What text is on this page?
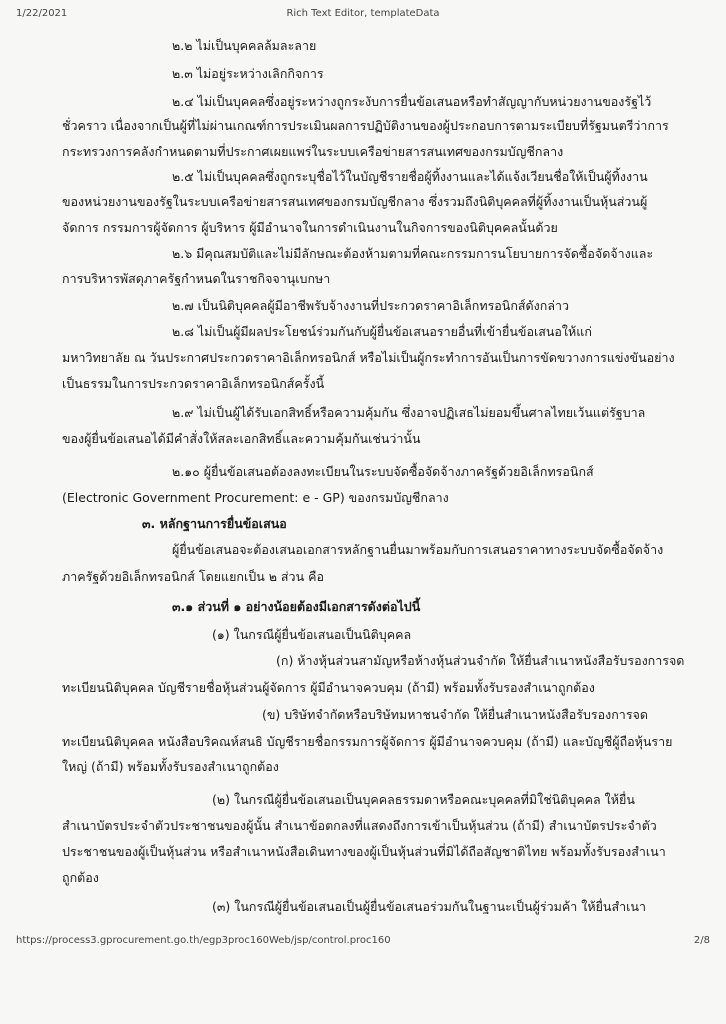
1/22/2021	Rich Text Editor, templateData
๒.๒ ไม่เป็นบุคคลล้มละลาย
๒.๓ ไม่อยู่ระหว่างเลิกกิจการ
๒.๔ ไม่เป็นบุคคลซึ่งอยู่ระหว่างถูกระงับการยื่นข้อเสนอหรือทำสัญญากับหน่วยงานของรัฐไว้
ชั่วคราว เนื่องจากเป็นผู้ที่ไม่ผ่านเกณฑ์การประเมินผลการปฏิบัติงานของผู้ประกอบการตามระเบียบที่รัฐมนตรีว่าการ
กระทรวงการคลังกำหนดตามที่ประกาศเผยแพร่ในระบบเครือข่ายสารสนเทศของกรมบัญชีกลาง
๒.๕ ไม่เป็นบุคคลซึ่งถูกระบุชื่อไว้ในบัญชีรายชื่อผู้ทิ้งงานและได้แจ้งเวียนชื่อให้เป็นผู้ทิ้งงาน
ของหน่วยงานของรัฐในระบบเครือข่ายสารสนเทศของกรมบัญชีกลาง ซึ่งรวมถึงนิติบุคคลที่ผู้ทิ้งงานเป็นหุ้นส่วนผู้
จัดการ กรรมการผู้จัดการ ผู้บริหาร ผู้มีอำนาจในการดำเนินงานในกิจการของนิติบุคคลนั้นด้วย
๒.๖ มีคุณสมบัติและไม่มีลักษณะต้องห้ามตามที่คณะกรรมการนโยบายการจัดซื้อจัดจ้างและ
การบริหารพัสดุภาครัฐกำหนดในราชกิจจานุเบกษา
๒.๗ เป็นนิติบุคคลผู้มีอาชีพรับจ้างงานที่ประกวดราคาอิเล็กทรอนิกส์ดังกล่าว
๒.๘ ไม่เป็นผู้มีผลประโยชน์ร่วมกันกับผู้ยื่นข้อเสนอรายอื่นที่เข้ายื่นข้อเสนอให้แก่
มหาวิทยาลัย ณ วันประกาศประกวดราคาอิเล็กทรอนิกส์ หรือไม่เป็นผู้กระทำการอันเป็นการขัดขวางการแข่งขันอย่าง
เป็นธรรมในการประกวดราคาอิเล็กทรอนิกส์ครั้งนี้
๒.๙ ไม่เป็นผู้ได้รับเอกสิทธิ์หรือความคุ้มกัน ซึ่งอาจปฏิเสธไม่ยอมขึ้นศาลไทยเว้นแต่รัฐบาล
ของผู้ยื่นข้อเสนอได้มีคำสั่งให้สละเอกสิทธิ์และความคุ้มกันเช่นว่านั้น
๒.๑๐ ผู้ยื่นข้อเสนอต้องลงทะเบียนในระบบจัดซื้อจัดจ้างภาครัฐด้วยอิเล็กทรอนิกส์
(Electronic Government Procurement: e - GP) ของกรมบัญชีกลาง
๓. หลักฐานการยื่นข้อเสนอ
ผู้ยื่นข้อเสนอจะต้องเสนอเอกสารหลักฐานยื่นมาพร้อมกับการเสนอราคาทางระบบจัดซื้อจัดจ้าง
ภาครัฐด้วยอิเล็กทรอนิกส์ โดยแยกเป็น ๒ ส่วน คือ
๓.๑ ส่วนที่ ๑ อย่างน้อยต้องมีเอกสารดังต่อไปนี้
(๑) ในกรณีผู้ยื่นข้อเสนอเป็นนิติบุคคล
(ก) ห้างหุ้นส่วนสามัญหรือห้างหุ้นส่วนจำกัด ให้ยื่นสำเนาหนังสือรับรองการจด
ทะเบียนนิติบุคคล บัญชีรายชื่อหุ้นส่วนผู้จัดการ ผู้มีอำนาจควบคุม (ถ้ามี) พร้อมทั้งรับรองสำเนาถูกต้อง
(ข) บริษัทจำกัดหรือบริษัทมหาชนจำกัด ให้ยื่นสำเนาหนังสือรับรองการจด
ทะเบียนนิติบุคคล หนังสือบริคณห์สนธิ บัญชีรายชื่อกรรมการผู้จัดการ ผู้มีอำนาจควบคุม (ถ้ามี) และบัญชีผู้ถือหุ้นราย
ใหญ่ (ถ้ามี) พร้อมทั้งรับรองสำเนาถูกต้อง
(๒) ในกรณีผู้ยื่นข้อเสนอเป็นบุคคลธรรมดาหรือคณะบุคคลที่มิใช่นิติบุคคล ให้ยื่น
สำเนาบัตรประจำตัวประชาชนของผู้นั้น สำเนาข้อตกลงที่แสดงถึงการเข้าเป็นหุ้นส่วน (ถ้ามี) สำเนาบัตรประจำตัว
ประชาชนของผู้เป็นหุ้นส่วน หรือสำเนาหนังสือเดินทางของผู้เป็นหุ้นส่วนที่มิได้ถือสัญชาติไทย พร้อมทั้งรับรองสำเนา
ถูกต้อง
(๓) ในกรณีผู้ยื่นข้อเสนอเป็นผู้ยื่นข้อเสนอร่วมกันในฐานะเป็นผู้ร่วมค้า ให้ยื่นสำเนา
https://process3.gprocurement.go.th/egp3proc160Web/jsp/control.proc160	2/8
